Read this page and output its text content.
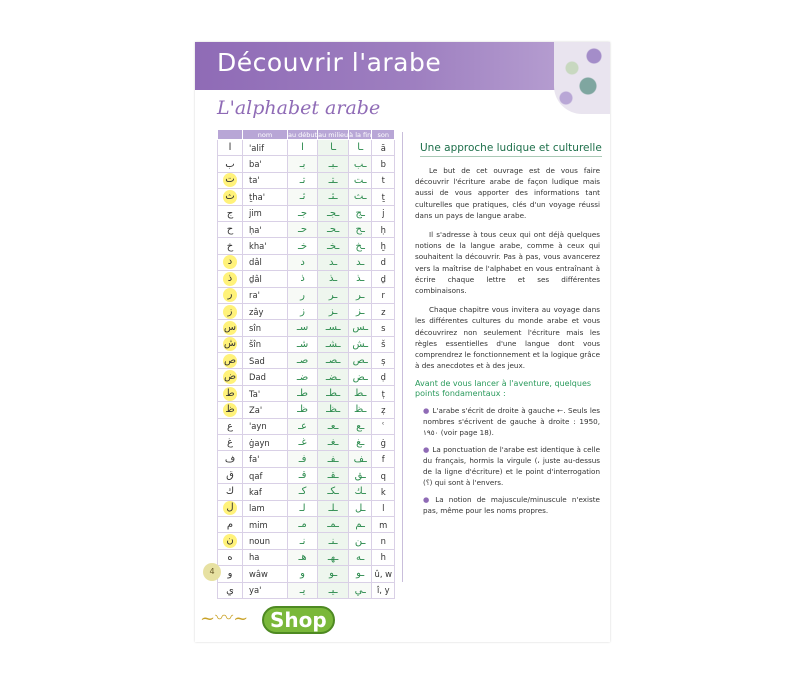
Découvrir l'arabe
L'alphabet arabe
	nom	au début	au milieu	à la fin	son
ا	'alif	ا	ـا	ـا	ā
ب	ba'	بـ	ـبـ	ـب	b
ت	ta'	تـ	ـتـ	ـت	t
ث	ṯha'	ثـ	ـثـ	ـث	ṯ
ج	jim	جـ	ـجـ	ـج	j
ح	ḥa'	حـ	ـحـ	ـح	ḥ
خ	kha'	خـ	ـخـ	ـخ	ḫ
د	dâl	د	ـد	ـد	d
ذ	ḏâl	ذ	ـذ	ـذ	ḏ
ر	ra'	ر	ـر	ـر	r
ز	zây	ز	ـز	ـز	z
س	sîn	سـ	ـسـ	ـس	s
ش	šîn	شـ	ـشـ	ـش	š
ص	Sad	صـ	ـصـ	ـص	ṣ
ض	Dad	ضـ	ـضـ	ـض	ḍ
ط	Ta'	طـ	ـطـ	ـط	ṭ
ظ	Za'	ظـ	ـظـ	ـظ	ẓ
ع	'ayn	عـ	ـعـ	ـع	ʿ
غ	ġayn	غـ	ـغـ	ـغ	ġ
ف	fa'	فـ	ـفـ	ـف	f
ق	qaf	قـ	ـقـ	ـق	q
ك	kaf	كـ	ـكـ	ـك	k
ل	lam	لـ	ـلـ	ـل	l
م	mim	مـ	ـمـ	ـم	m
ن	noun	نـ	ـنـ	ـن	n
ه	ha	هـ	ـهـ	ـه	h
و	wâw	و	ـو	ـو	û, w
ي	ya'	يـ	ـيـ	ـي	î, y
Une approche ludique et culturelle

Le but de cet ouvrage est de vous faire découvrir l'écriture arabe de façon ludique mais aussi de vous apporter des informations tant culturelles que pratiques, clés d'un voyage réussi dans un pays de langue arabe.

Il s'adresse à tous ceux qui ont déjà quelques notions de la langue arabe, comme à ceux qui souhaitent la découvrir. Pas à pas, vous avancerez vers la maîtrise de l'alphabet en vous entraînant à écrire chaque lettre et ses différentes combinaisons.

Chaque chapitre vous invitera au voyage dans les différentes cultures du monde arabe et vous découvrirez non seulement l'écriture mais les règles essentielles d'une langue dont vous comprendrez le fonctionnement et la logique grâce à des anecdotes et à des jeux.

Avant de vous lancer à l'aventure, quelques points fondamentaux :
● L'arabe s'écrit de droite à gauche ←. Seuls les nombres s'écrivent de gauche à droite : 1950, ١٩٥٠ (voir page 18).
● La ponctuation de l'arabe est identique à celle du français, hormis la virgule (، juste au-dessus de la ligne d'écriture) et le point d'interrogation (؟) qui sont à l'envers.
● La notion de majuscule/minuscule n'existe pas, même pour les noms propres.
4
~〰~	Shop
